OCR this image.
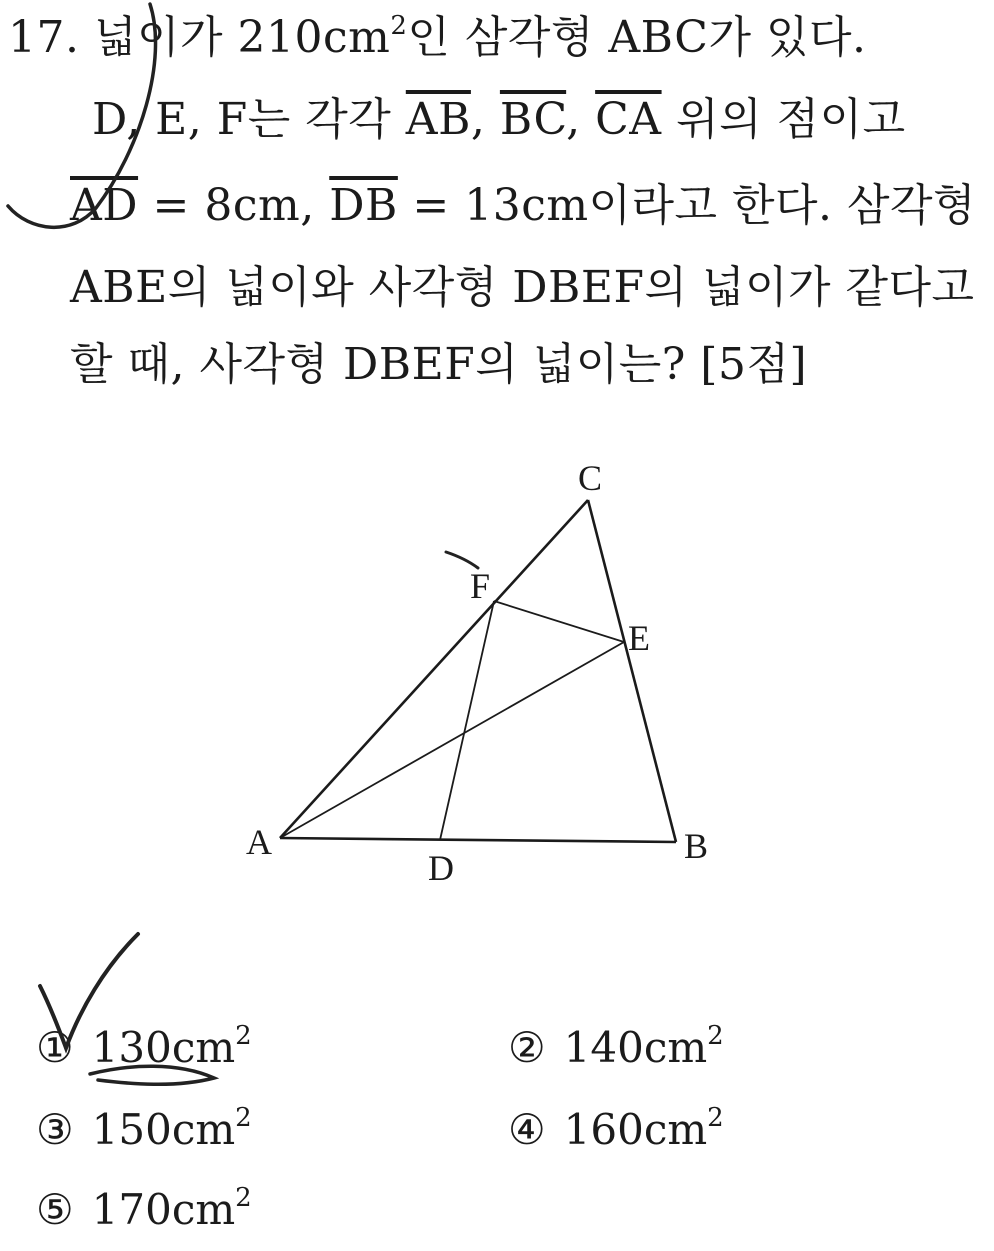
17. 넓이가 $210cm^2$인 삼각형 ABC가 있다.
D, E, F는 각각 $\overline{AB}$, $\overline{BC}$, $\overline{CA}$ 위의 점이고
$\overline{AD} = 8cm$, $\overline{DB} = 13cm$이라고 한다. 삼각형
ABE의 넓이와 사각형 DBEF의 넓이가 같다고
할 때, 사각형 DBEF의 넓이는? [5점]
C
F
E
A
D
B
① $130cm^2$	② $140cm^2$
③ $150cm^2$	④ $160cm^2$
⑤ $170cm^2$
